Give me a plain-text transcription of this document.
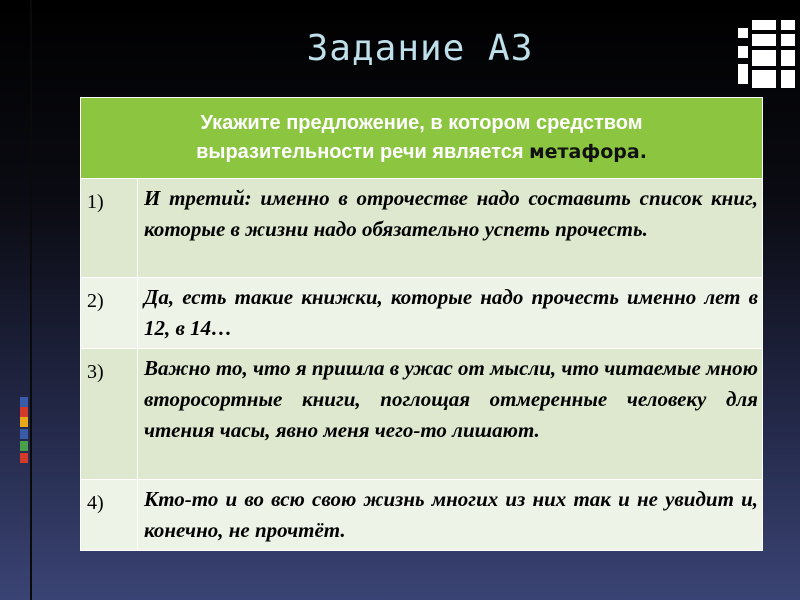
Задание А3
Укажите предложение, в котором средством выразительности речи является метафора.	
1)	И третий: именно в отрочестве надо составить список книг, которые в жизни надо обязательно успеть прочесть.
2)	Да, есть такие книжки, которые надо прочесть именно лет в 12, в 14…
3)	Важно то, что я пришла в ужас от мысли, что читаемые мною второсортные книги, поглощая отмеренные человеку для чтения часы, явно меня чего-то лишают.
4)	Кто-то и во всю свою жизнь многих из них так и не увидит и, конечно, не прочтёт.
